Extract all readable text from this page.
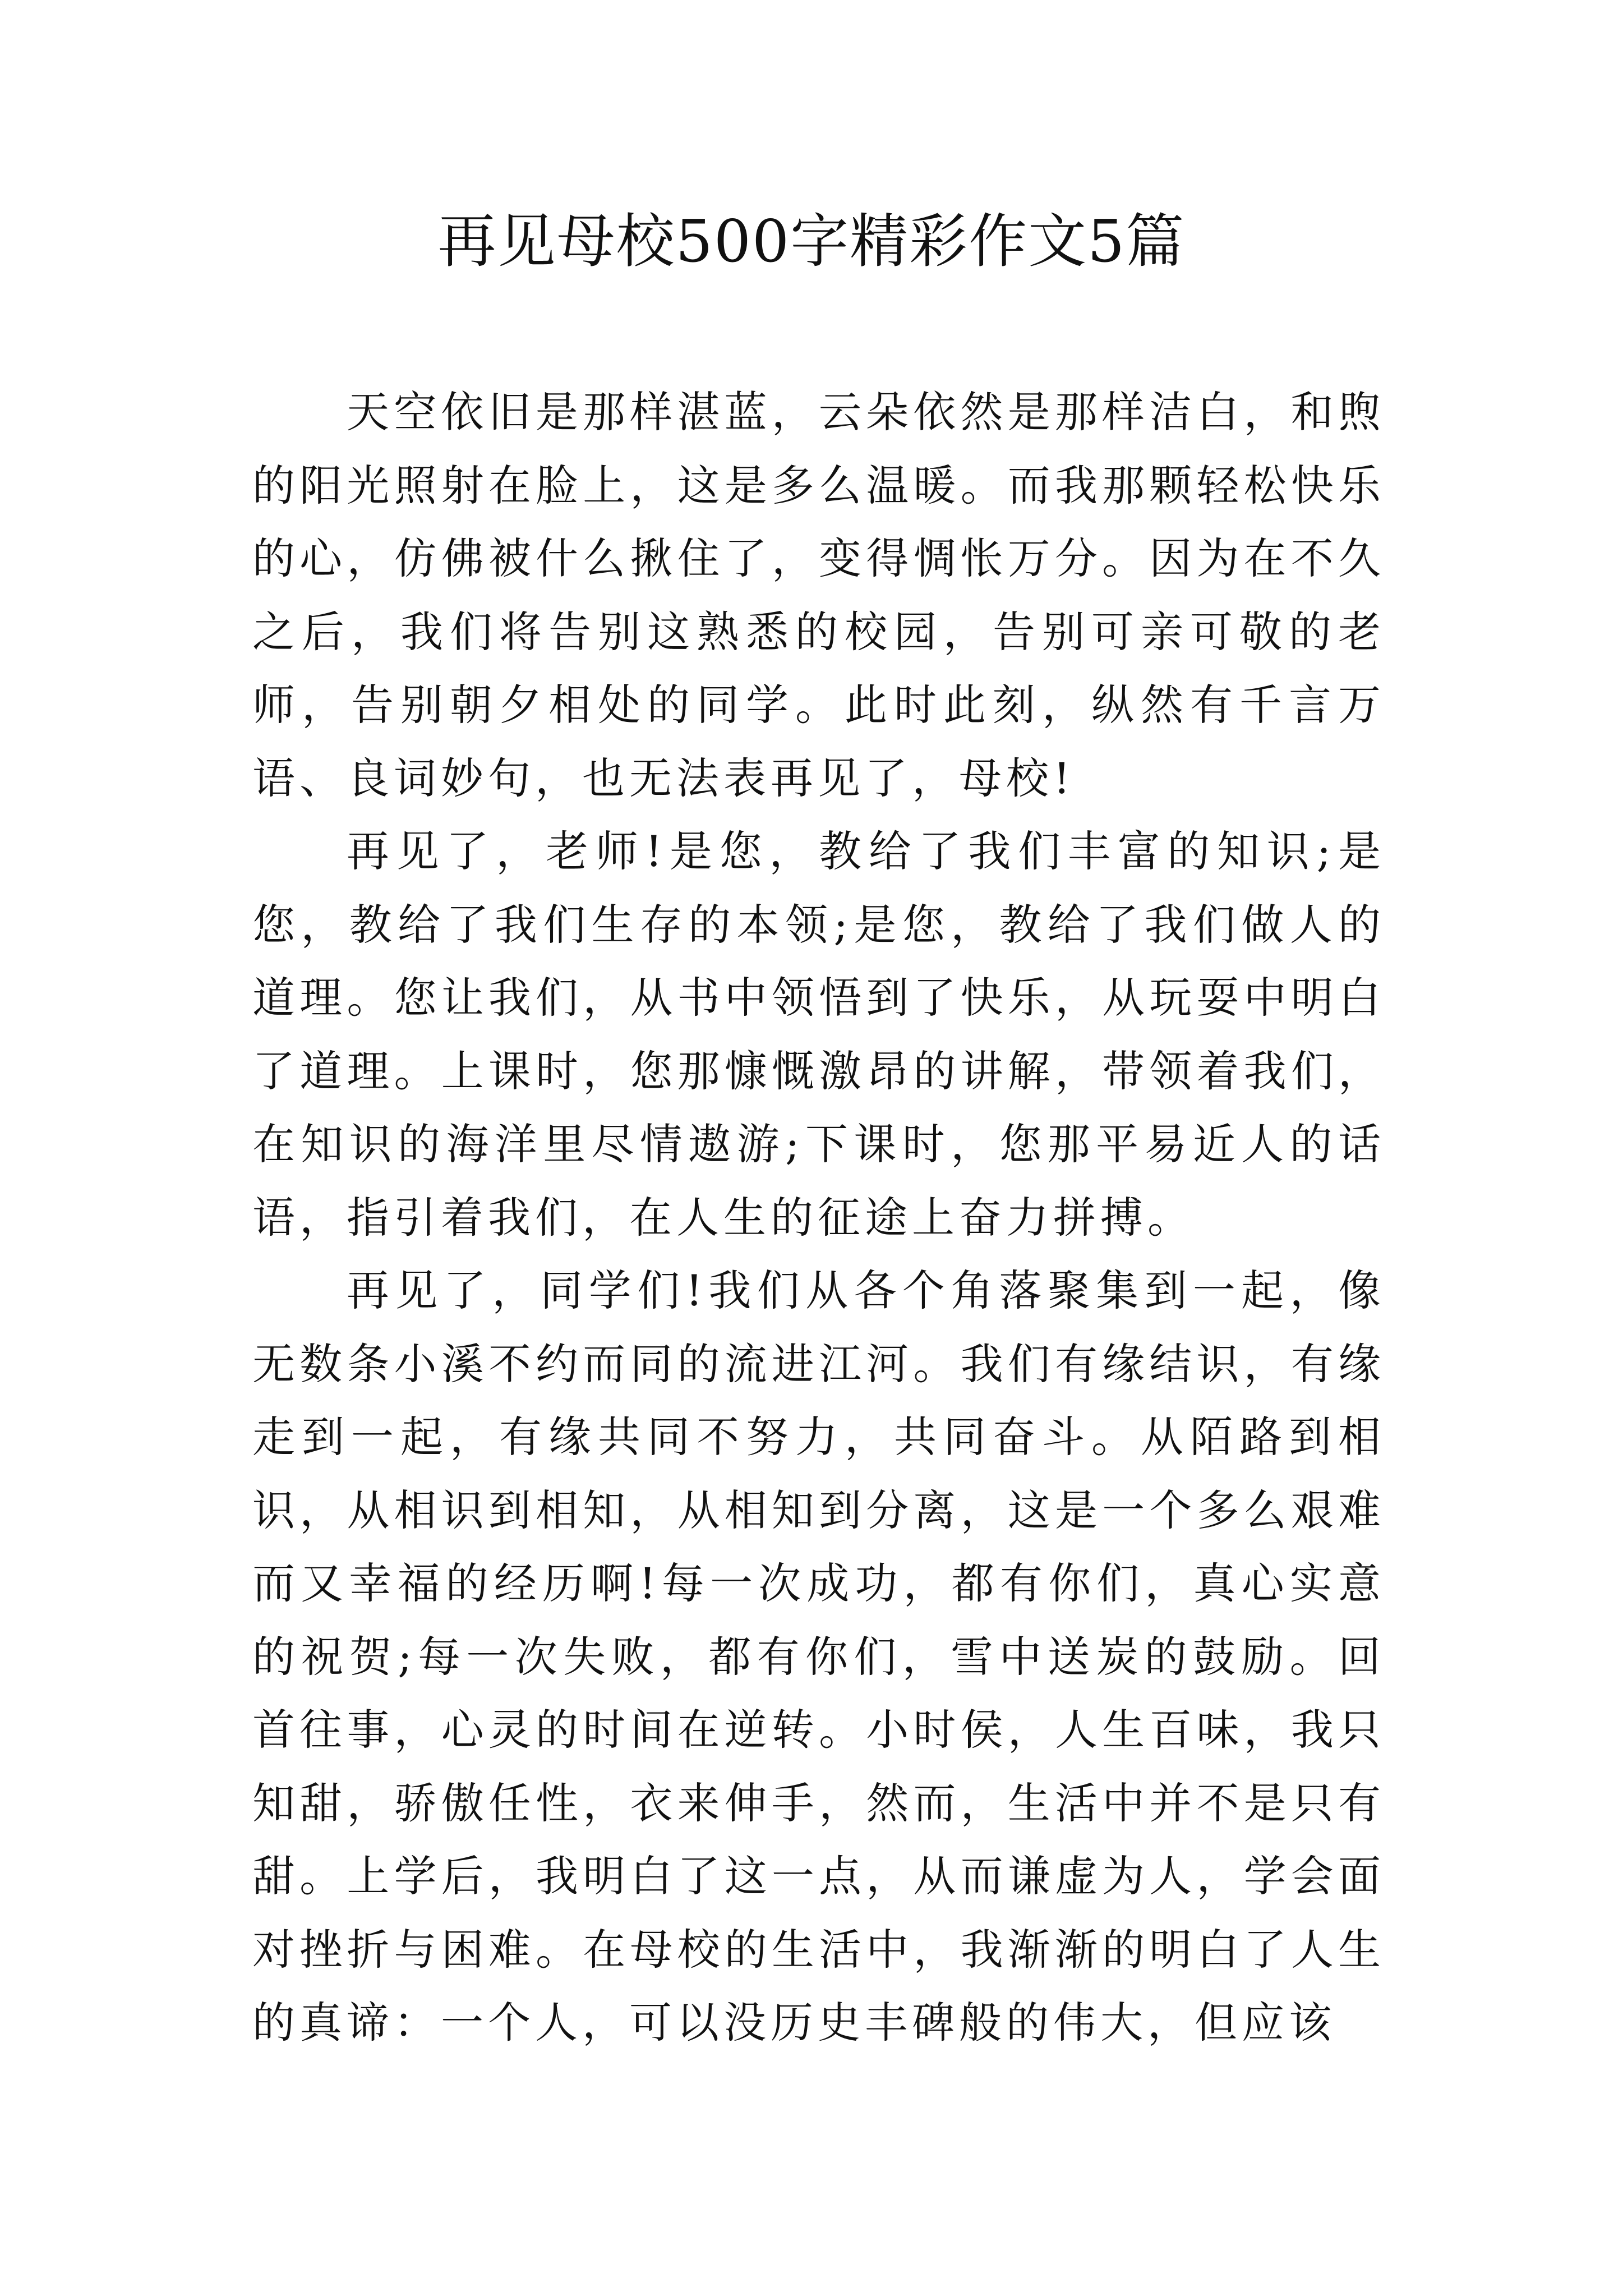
再见母校500字精彩作文5篇

天空依旧是那样湛蓝，云朵依然是那样洁白，和煦的阳光照射在脸上，这是多么温暖。而我那颗轻松快乐的心，仿佛被什么揪住了，变得惆怅万分。因为在不久之后，我们将告别这熟悉的校园，告别可亲可敬的老师，告别朝夕相处的同学。此时此刻，纵然有千言万语、良词妙句，也无法表再见了，母校!

再见了，老师!是您，教给了我们丰富的知识;是您，教给了我们生存的本领;是您，教给了我们做人的道理。您让我们，从书中领悟到了快乐，从玩耍中明白了道理。上课时，您那慷慨激昂的讲解，带领着我们，在知识的海洋里尽情遨游;下课时，您那平易近人的话语，指引着我们，在人生的征途上奋力拼搏。

再见了，同学们!我们从各个角落聚集到一起，像无数条小溪不约而同的流进江河。我们有缘结识，有缘走到一起，有缘共同不努力，共同奋斗。从陌路到相识，从相识到相知，从相知到分离，这是一个多么艰难而又幸福的经历啊!每一次成功，都有你们，真心实意的祝贺;每一次失败，都有你们，雪中送炭的鼓励。回首往事，心灵的时间在逆转。小时侯，人生百味，我只知甜，骄傲任性，衣来伸手，然而，生活中并不是只有甜。上学后，我明白了这一点，从而谦虚为人，学会面对挫折与困难。在母校的生活中，我渐渐的明白了人生的真谛：一个人，可以没历史丰碑般的伟大，但应该
